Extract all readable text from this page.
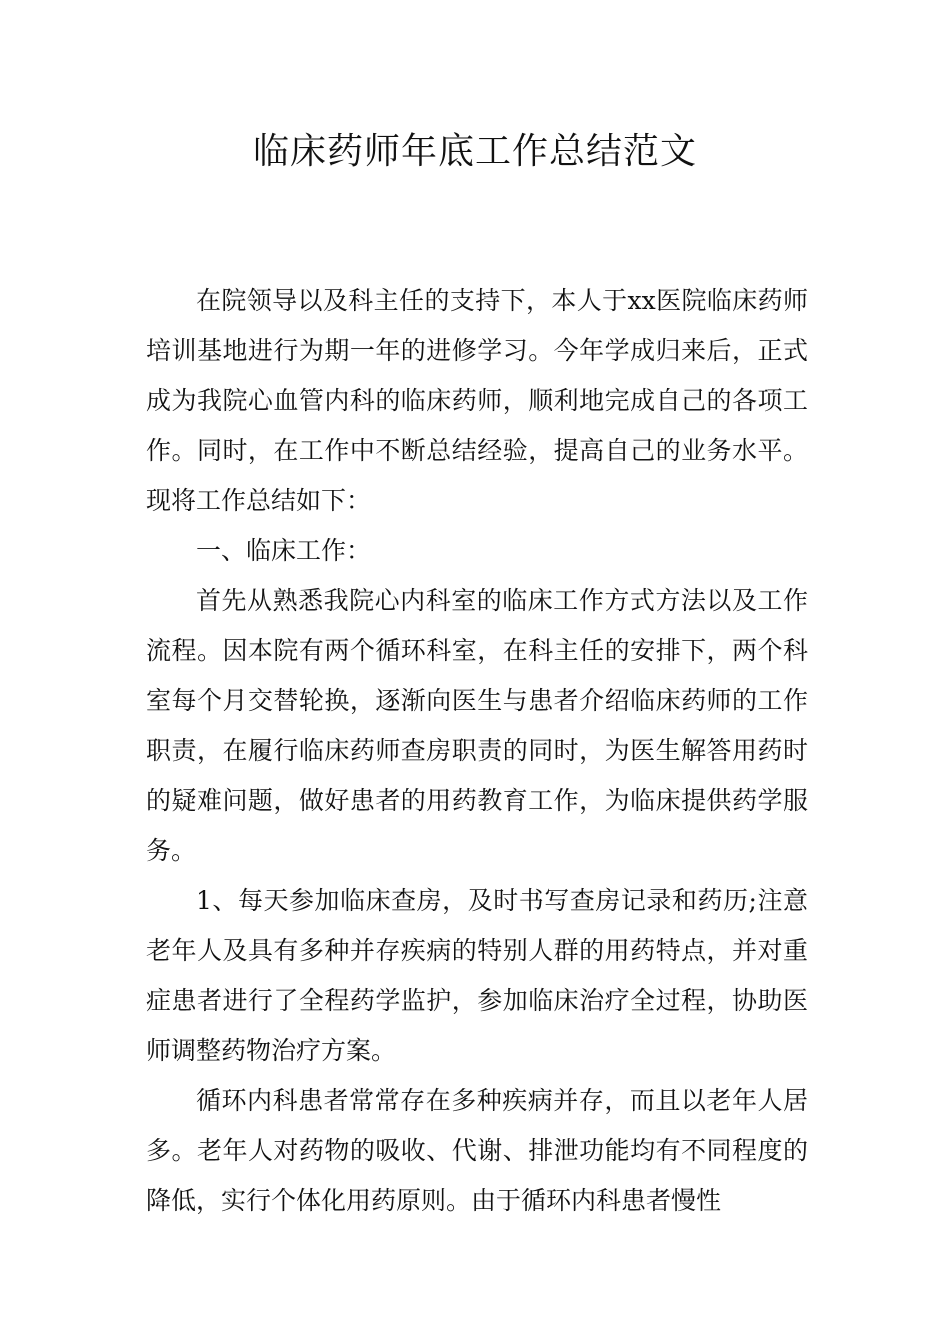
临床药师年底工作总结范文

在院领导以及科主任的支持下，本人于xx医院临床药师培训基地进行为期一年的进修学习。今年学成归来后，正式成为我院心血管内科的临床药师，顺利地完成自己的各项工作。同时，在工作中不断总结经验，提高自己的业务水平。现将工作总结如下：

一、临床工作：

首先从熟悉我院心内科室的临床工作方式方法以及工作流程。因本院有两个循环科室，在科主任的安排下，两个科室每个月交替轮换，逐渐向医生与患者介绍临床药师的工作职责，在履行临床药师查房职责的同时，为医生解答用药时的疑难问题，做好患者的用药教育工作，为临床提供药学服务。

1、每天参加临床查房，及时书写查房记录和药历;注意老年人及具有多种并存疾病的特别人群的用药特点，并对重症患者进行了全程药学监护，参加临床治疗全过程，协助医师调整药物治疗方案。

循环内科患者常常存在多种疾病并存，而且以老年人居多。老年人对药物的吸收、代谢、排泄功能均有不同程度的降低，实行个体化用药原则。由于循环内科患者慢性
